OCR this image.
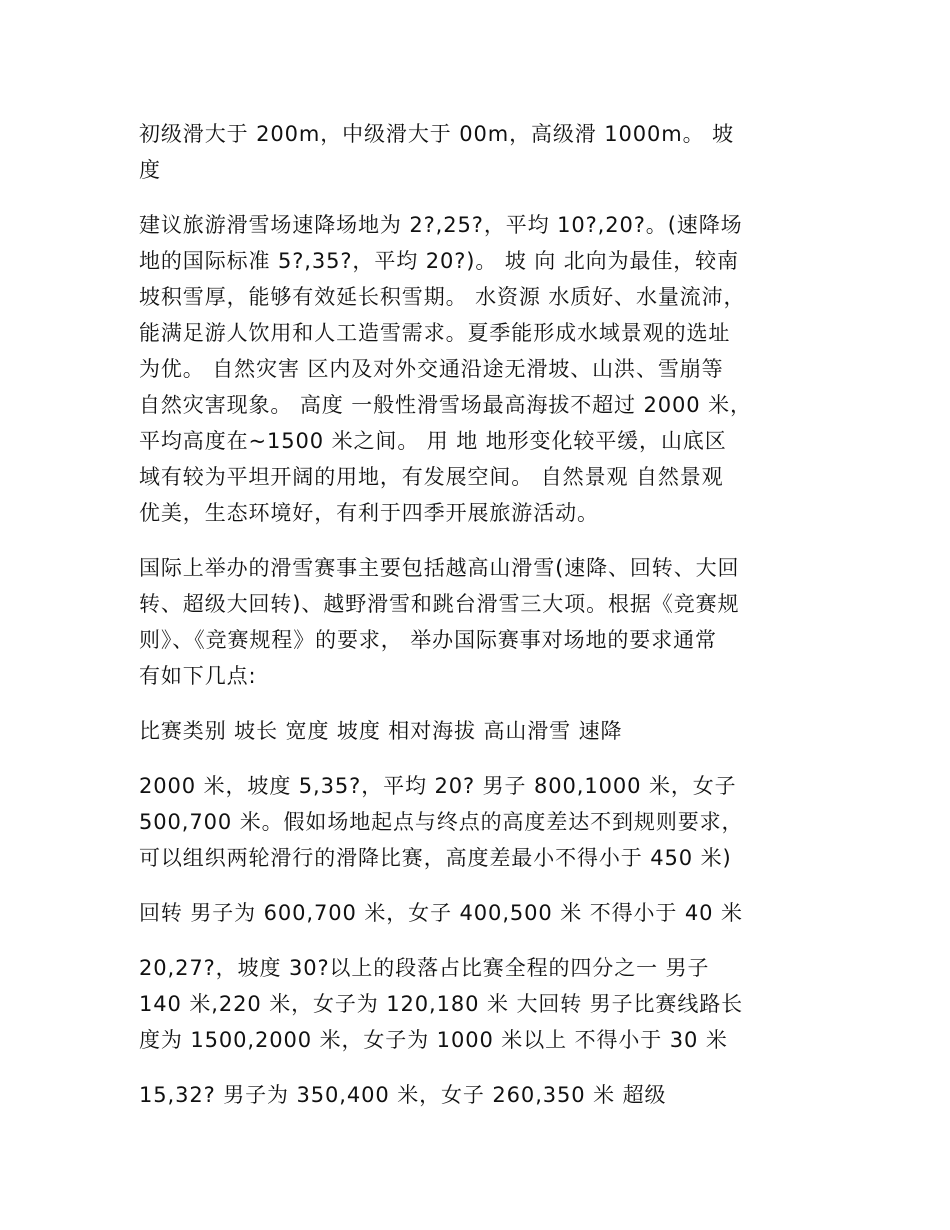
初级滑大于 200m，中级滑大于 00m，高级滑 1000m。 坡
度

建议旅游滑雪场速降场地为 2?,25?，平均 10?,20?。(速降场
地的国际标准 5?,35?，平均 20?)。 坡 向 北向为最佳，较南
坡积雪厚，能够有效延长积雪期。 水资源 水质好、水量流沛，
能满足游人饮用和人工造雪需求。夏季能形成水域景观的选址
为优。 自然灾害 区内及对外交通沿途无滑坡、山洪、雪崩等
自然灾害现象。 高度 一般性滑雪场最高海拔不超过 2000 米，
平均高度在~1500 米之间。 用 地 地形变化较平缓，山底区
域有较为平坦开阔的用地，有发展空间。 自然景观 自然景观
优美，生态环境好，有利于四季开展旅游活动。

国际上举办的滑雪赛事主要包括越高山滑雪(速降、回转、大回
转、超级大回转)、越野滑雪和跳台滑雪三大项。根据《竞赛规
则》、《竞赛规程》的要求， 举办国际赛事对场地的要求通常
有如下几点:

比赛类别 坡长 宽度 坡度 相对海拔 高山滑雪 速降

2000 米，坡度 5,35?，平均 20? 男子 800,1000 米，女子
500,700 米。假如场地起点与终点的高度差达不到规则要求，
可以组织两轮滑行的滑降比赛，高度差最小不得小于 450 米)

回转 男子为 600,700 米，女子 400,500 米 不得小于 40 米

20,27?，坡度 30?以上的段落占比赛全程的四分之一 男子
140 米,220 米，女子为 120,180 米 大回转 男子比赛线路长
度为 1500,2000 米，女子为 1000 米以上 不得小于 30 米

15,32? 男子为 350,400 米，女子 260,350 米 超级
